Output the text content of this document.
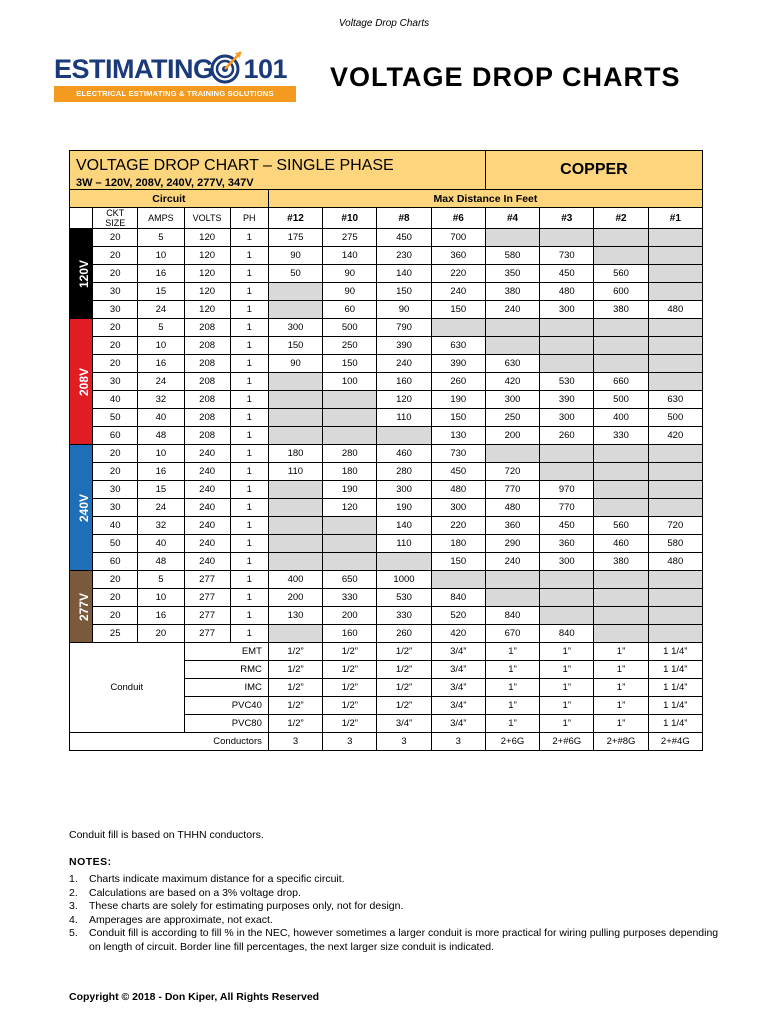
Voltage Drop Charts
ESTIMATING 101
ELECTRICAL ESTIMATING & TRAINING SOLUTIONS
VOLTAGE DROP CHARTS
VOLTAGE DROP CHART – SINGLE PHASE
3W – 120V, 208V, 240V, 277V, 347V									COPPER			
Circuit					Max Distance In Feet							

	CKT
SIZE	AMPS	VOLTS	PH	#12	#10	#8	#6	#4	#3	#2	#1
120V	20	5	120	1	175	275	450	700				
	20	10	120	1	90	140	230	360	580	730		
	20	16	120	1	50	90	140	220	350	450	560	
	30	15	120	1		90	150	240	380	480	600	
	30	24	120	1		60	90	150	240	300	380	480
208V	20	5	208	1	300	500	790					
	20	10	208	1	150	250	390	630				
	20	16	208	1	90	150	240	390	630			
	30	24	208	1		100	160	260	420	530	660	
	40	32	208	1			120	190	300	390	500	630
	50	40	208	1			110	150	250	300	400	500
	60	48	208	1				130	200	260	330	420
240V	20	10	240	1	180	280	460	730				
	20	16	240	1	110	180	280	450	720			
	30	15	240	1		190	300	480	770	970		
	30	24	240	1		120	190	300	480	770		
	40	32	240	1			140	220	360	450	560	720
	50	40	240	1			110	180	290	360	460	580
	60	48	240	1				150	240	300	380	480
277V	20	5	277	1	400	650	1000					
	20	10	277	1	200	330	530	840				
	20	16	277	1	130	200	330	520	840			
	25	20	277	1		160	260	420	670	840		
Conduit			EMT		1/2”	1/2”	1/2”	3/4”	1”	1”	1”	1 1/4”
			RMC		1/2”	1/2”	1/2”	3/4”	1”	1”	1”	1 1/4”
			IMC		1/2”	1/2”	1/2”	3/4”	1”	1”	1”	1 1/4”
			PVC40		1/2”	1/2”	1/2”	3/4”	1”	1”	1”	1 1/4”
			PVC80		1/2”	1/2”	3/4”	3/4”	1”	1”	1”	1 1/4”
Conductors					3	3	3	3	2+6G	2+#6G	2+#8G	2+#4G
Conduit fill is based on THHN conductors.
NOTES:
1. Charts indicate maximum distance for a specific circuit.
2. Calculations are based on a 3% voltage drop.
3. These charts are solely for estimating purposes only, not for design.
4. Amperages are approximate, not exact.
5. Conduit fill is according to fill % in the NEC, however sometimes a larger conduit is more practical for wiring pulling purposes depending on length of circuit. Border line fill percentages, the next larger size conduit is indicated.
Copyright © 2018 - Don Kiper, All Rights Reserved
